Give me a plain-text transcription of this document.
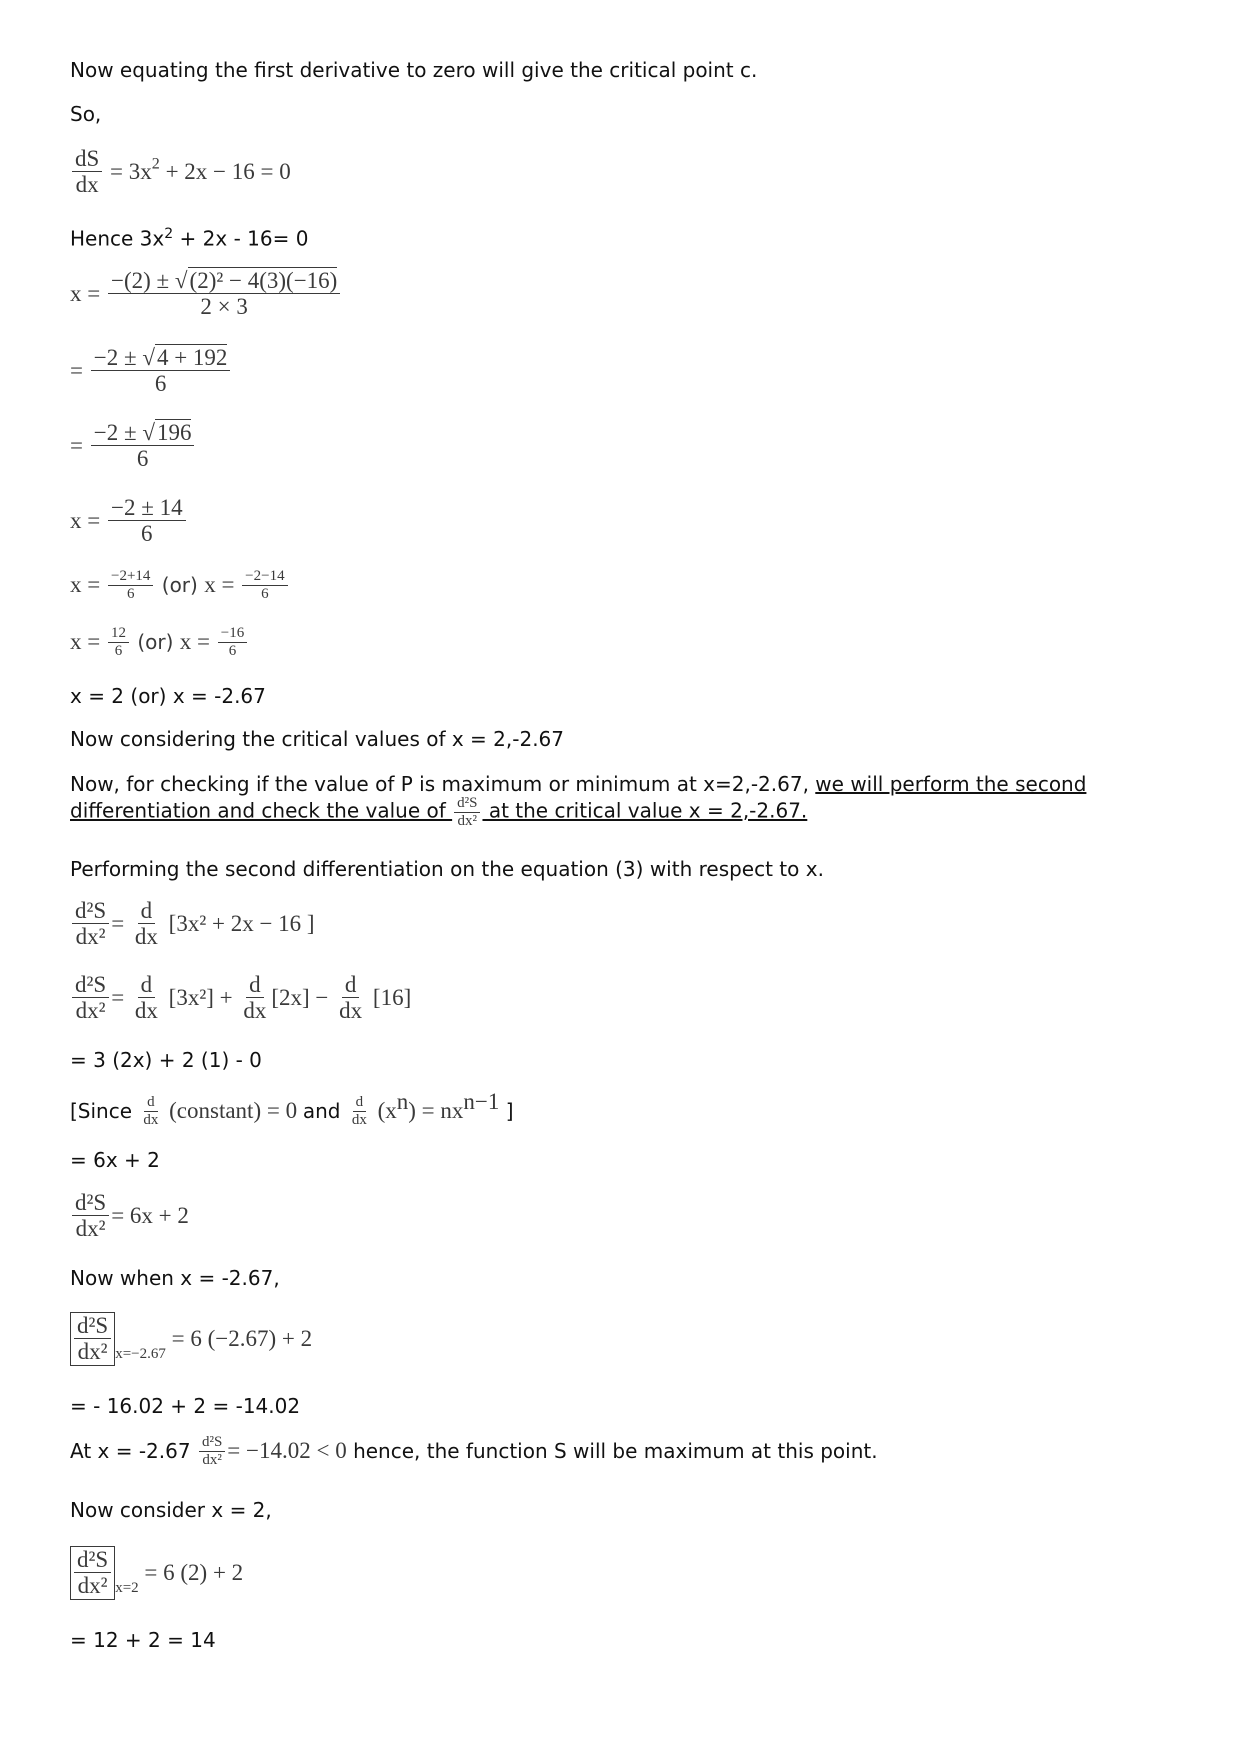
Now equating the first derivative to zero will give the critical point c.
So,
$\frac{dS}{dx} = 3x^2 + 2x - 16 = 0$
Hence $3x^2 + 2x - 16= 0$
$x = \frac{\text{−(2) ± √(2)² − 4(3)(−16)}}{2 \times 3}$
= $\frac{-2 \pm √4 + 192}{6}$
= $\frac{-2 \pm √196}{6}$
$x = \frac{-2 \pm 14}{6}$
$x = \frac{-2+14}{6} (or) x = \frac{-2-14}{6}$
$x = \frac{12}{6} (or) x = \frac{-16}{6}$
x = 2 (or) x = -2.67
Now considering the critical values of x = 2,-2.67
Now, for checking if the value of P is maximum or minimum at x=2,-2.67, we will perform the second
differentiation and check the value of $\frac{\text{d²S}}{\text{dx²}}$ at the critical value x = 2,-2.67.
Performing the second differentiation on the equation (3) with respect to x.
$\frac{\text{d²S}}{\text{dx²}} = \frac{d}{dx} [3x^2 + 2x - 16$ ]
$\frac{\text{d²S}}{\text{dx²}} = \frac{d}{dx} [3x^2] + \frac{d}{dx} [2x] - \frac{d}{dx} [16]$
= 3 (2x) + 2 (1) - 0
[Since $\frac{d}{dx}$ (constant) = 0 and $\frac{d}{dx} (x^n) = nx^{n-1}$ ]
= 6x + 2
$\frac{\text{d²S}}{\text{dx²}} = 6x + 2$
Now when x = -2.67,
$\frac{\text{d²S}}{\text{dx²}} _{x=-2.67} = 6$ (−2.67) + 2
= - 16.02 + 2 = -14.02
At $x = -2.67 \frac{\text{d²S}}{\text{dx²}} = -14.02 < 0$ hence, the function S will be maximum at this point.
Now consider x = 2,
$\frac{\text{d²S}}{\text{dx²}} _{x=2} = 6$ (2) + 2
= 12 + 2 = 14
